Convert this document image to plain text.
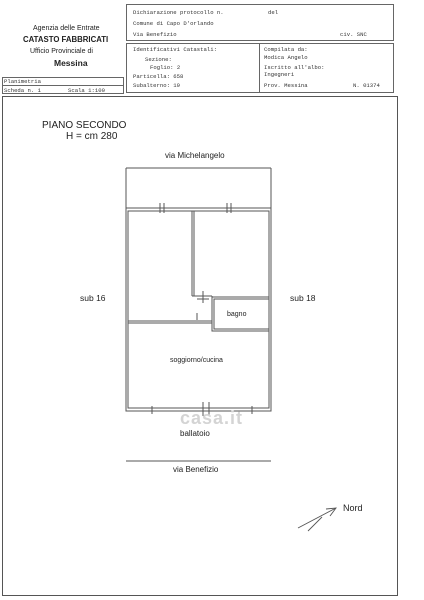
Agenzia delle Entrate
CATASTO FABBRICATI
Ufficio Provinciale di
Messina
Dichiarazione protocollo n.	del
Comune di Capo D'orlando
Via Benefizio	civ. SNC
Identificativi Catastali:
Sezione:
Foglio: 2
Particella: 658
Subalterno: 19
Compilata da:
Modica Angelo
Iscritto all'albo:
Ingegneri
Prov. Messina	N. 01374
Planimetria
Scheda n. 1	Scala 1:100
PIANO SECONDO
H = cm 280
via Michelangelo
sub 16	sub 18
bagno
soggiorno/cucina
casa.it
ballatoio
via Benefizio
Nord
